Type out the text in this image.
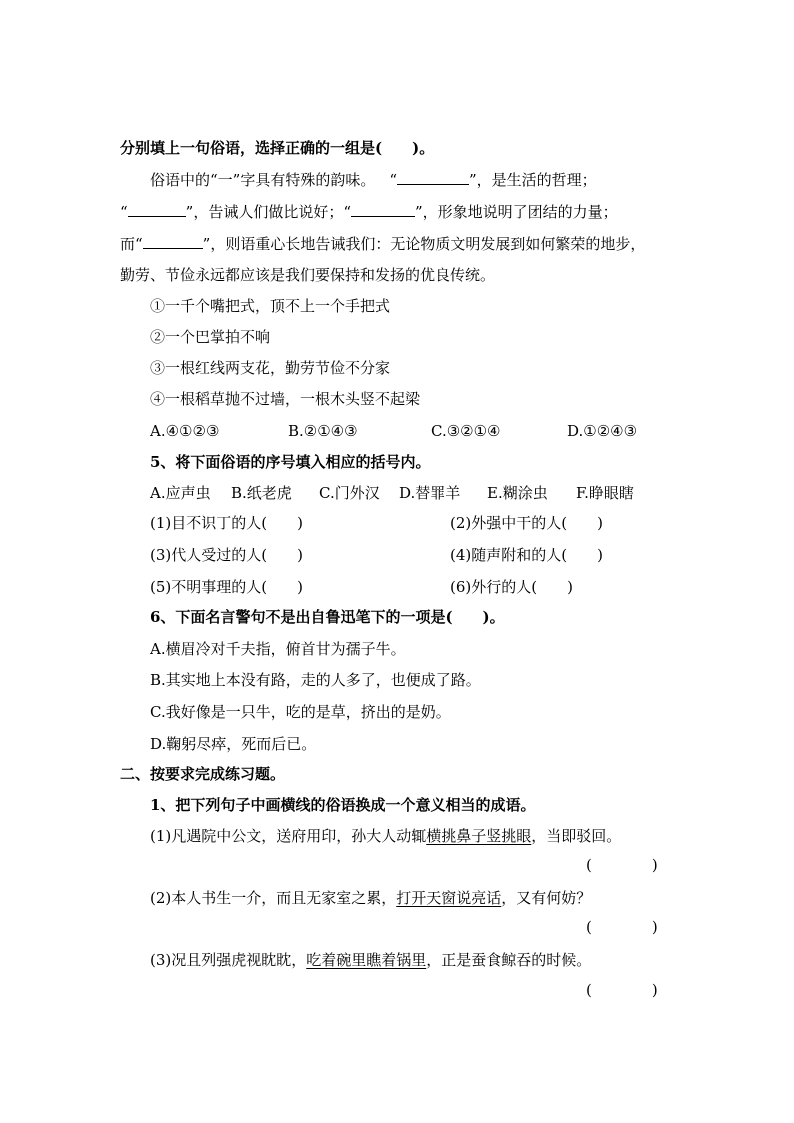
分别填上一句俗语，选择正确的一组是(　　)。
俗语中的“一”字具有特殊的韵味。 “	”，是生活的哲理；
“	”，告诫人们做比说好；“	”，形象地说明了团结的力量；
而“	”，则语重心长地告诫我们：无论物质文明发展到如何繁荣的地步，
勤劳、节俭永远都应该是我们要保持和发扬的优良传统。
①一千个嘴把式，顶不上一个手把式
②一个巴掌拍不响
③一根红线两支花，勤劳节俭不分家
④一根稻草抛不过墙，一根木头竖不起梁
A.④①②③	B.②①④③	C.③②①④	D.①②④③
5、将下面俗语的序号填入相应的括号内。
A.应声虫 B.纸老虎 C.门外汉 D.替罪羊 E.糊涂虫 F.睁眼瞎
(1)目不识丁的人(　　)	(2)外强中干的人(　　)
(3)代人受过的人(　　)	(4)随声附和的人(　　)
(5)不明事理的人(　　)	(6)外行的人(　　)
6、下面名言警句不是出自鲁迅笔下的一项是(　　)。
A.横眉冷对千夫指，俯首甘为孺子牛。
B.其实地上本没有路，走的人多了，也便成了路。
C.我好像是一只牛，吃的是草，挤出的是奶。
D.鞠躬尽瘁，死而后已。
二、按要求完成练习题。
1、把下列句子中画横线的俗语换成一个意义相当的成语。
(1)凡遇院中公文，送府用印，孙大人动辄横挑鼻子竖挑眼，当即驳回。
(　　　　)
(2)本人书生一介，而且无家室之累，打开天窗说亮话，又有何妨？
(　　　　)
(3)况且列强虎视眈眈，吃着碗里瞧着锅里，正是蚕食鲸吞的时候。
(　　　　)
